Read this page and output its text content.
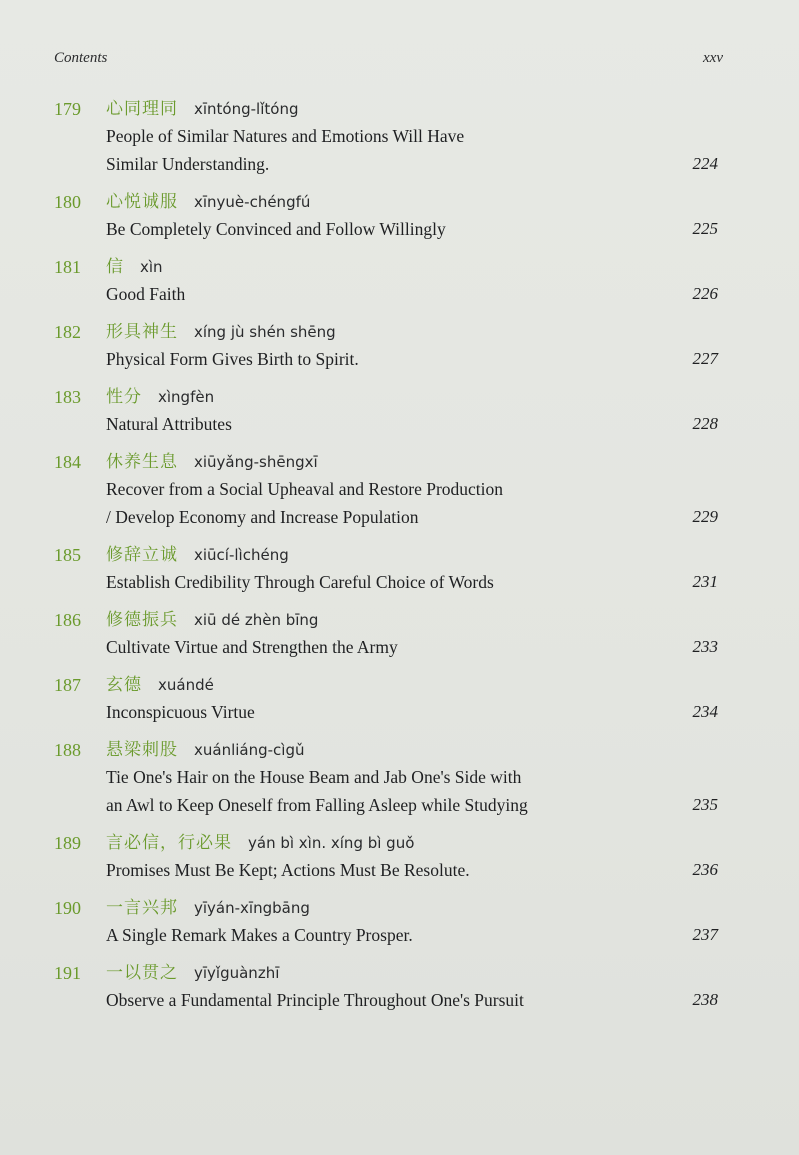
Contents	xxv
179 心同理同 xīntóng-lǐtóng
People of Similar Natures and Emotions Will Have
Similar Understanding.	224
180 心悦诚服 xīnyuè-chéngfú
Be Completely Convinced and Follow Willingly	225
181 信 xìn
Good Faith	226
182 形具神生 xíng jù shén shēng
Physical Form Gives Birth to Spirit.	227
183 性分 xìngfèn
Natural Attributes	228
184 休养生息 xiūyǎng-shēngxī
Recover from a Social Upheaval and Restore Production
/ Develop Economy and Increase Population	229
185 修辞立诚 xiūcí-lìchéng
Establish Credibility Through Careful Choice of Words	231
186 修德振兵 xiū dé zhèn bīng
Cultivate Virtue and Strengthen the Army	233
187 玄德 xuándé
Inconspicuous Virtue	234
188 悬梁刺股 xuánliáng-cìgǔ
Tie One's Hair on the House Beam and Jab One's Side with
an Awl to Keep Oneself from Falling Asleep while Studying	235
189 言必信，行必果 yán bì xìn. xíng bì guǒ
Promises Must Be Kept; Actions Must Be Resolute.	236
190 一言兴邦 yīyán-xīngbāng
A Single Remark Makes a Country Prosper.	237
191 一以贯之 yīyǐguànzhī
Observe a Fundamental Principle Throughout One's Pursuit	238
